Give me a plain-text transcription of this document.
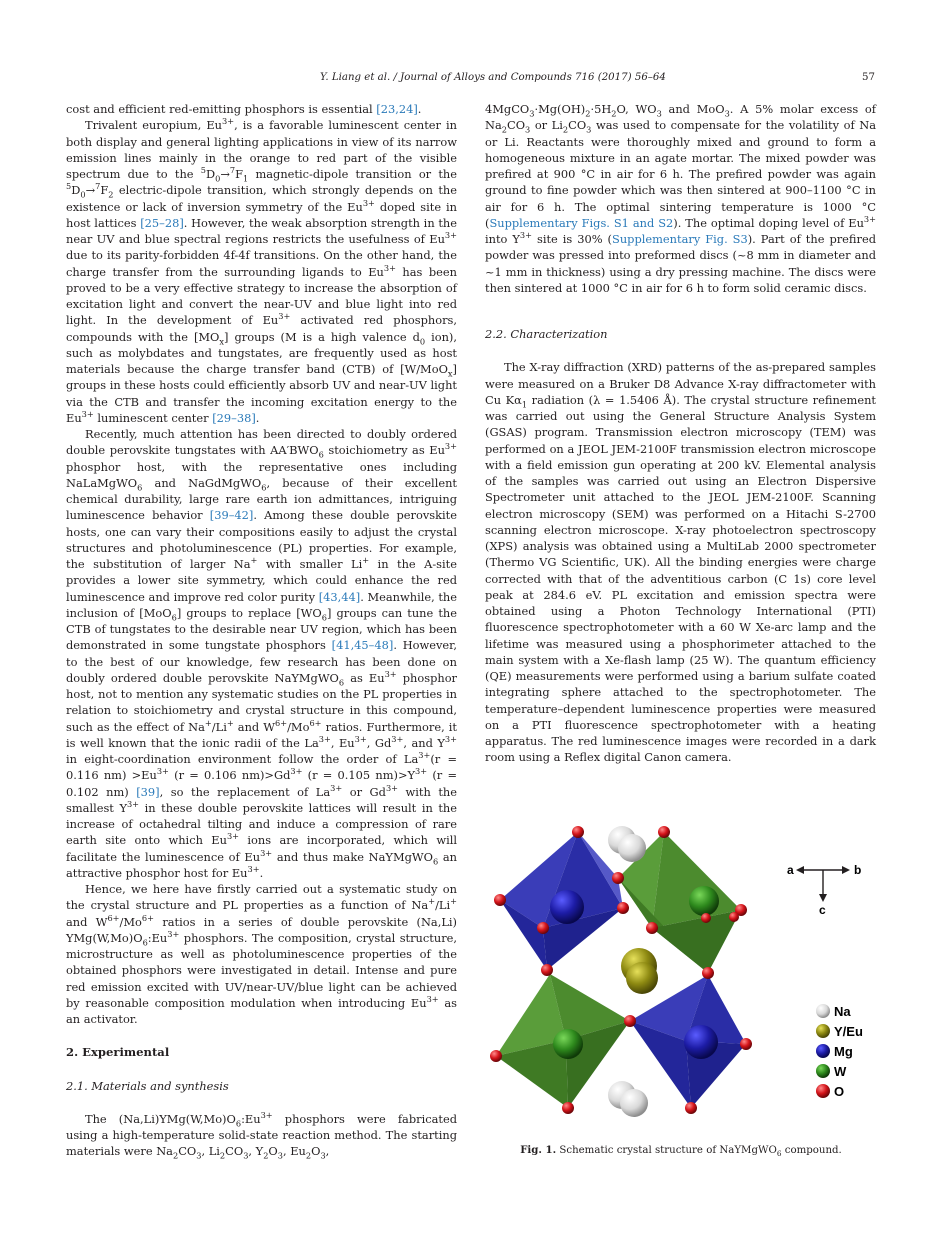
Y. Liang et al. / Journal of Alloys and Compounds 716 (2017) 56–64	57

cost and efficient red-emitting phosphors is essential [23,24].

Trivalent europium, $Eu^{3+}$, is a favorable luminescent center in both display and general lighting applications in view of its narrow emission lines mainly in the orange to red part of the visible spectrum due to the $^5D_0\to^7F_1$ magnetic-dipole transition or the $^5D_0\to^7F_2$ electric-dipole transition, which strongly depends on the existence or lack of inversion symmetry of the $Eu^{3+}$ doped site in host lattices [25–28]. However, the weak absorption strength in the near UV and blue spectral regions restricts the usefulness of $Eu^{3+}$ due to its parity-forbidden 4f-4f transitions. On the other hand, the charge transfer from the surrounding ligands to $Eu^{3+}$ has been proved to be a very effective strategy to increase the absorption of excitation light and convert the near-UV and blue light into red light. In the development of $Eu^{3+}$ activated red phosphors, compounds with the $[MO_x]$ groups (M is a high valence $d_0$ ion), such as molybdates and tungstates, are frequently used as host materials because the charge transfer band (CTB) of [W/MoO$_x$] groups in these hosts could efficiently absorb UV and near-UV light via the CTB and transfer the incoming excitation energy to the $Eu^{3+}$ luminescent center [29–38].

Recently, much attention has been directed to doubly ordered double perovskite tungstates with $AA'BWO_6$ stoichiometry as $Eu^{3+}$ phosphor host, with the representative ones including NaLaMgWO$_6$ and NaGdMgWO$_6$, because of their excellent chemical durability, large rare earth ion admittances, intriguing luminescence behavior [39–42]. Among these double perovskite hosts, one can vary their compositions easily to adjust the crystal structures and photoluminescence (PL) properties. For example, the substitution of larger Na+ with smaller Li+ in the A-site provides a lower site symmetry, which could enhance the red luminescence and improve red color purity [43,44]. Meanwhile, the inclusion of [MoO$_6$] groups to replace $[WO_6]$ groups can tune the CTB of tungstates to the desirable near UV region, which has been demonstrated in some tungstate phosphors [41,45–48]. However, to the best of our knowledge, few research has been done on doubly ordered double perovskite NaYMgWO$_6$ as $Eu^{3+}$ phosphor host, not to mention any systematic studies on the PL properties in relation to stoichiometry and crystal structure in this compound, such as the effect of Na+/Li+ and $W^{6+}/Mo^{6+}$ ratios. Furthermore, it is well known that the ionic radii of the $La^{3+}$, $Eu^{3+}$, $Gd^{3+}$, and $Y^{3+}$ in eight-coordination environment follow the order of $La^{3+}(r = 0.116$ $nm) >Eu^{3+}$ (r = 0.106 $nm)>Gd^{3+}$ (r = 0.105 $nm)>Y^{3+}$ (r = 0.102 nm) [39], so the replacement of $La^{3+}$ or $Gd^{3+}$ with the smallest $Y^{3+}$ in these double perovskite lattices will result in the increase of octahedral tilting and induce a compression of rare earth site onto which $Eu^{3+}$ ions are incorporated, which will facilitate the luminescence of $Eu^{3+}$ and thus make NaYMgWO$_6$ an attractive phosphor host for $Eu^{3+}$.

Hence, we here have firstly carried out a systematic study on the crystal structure and PL properties as a function of Na+/Li+ and $W^{6+}/Mo^{6+}$ ratios in a series of double perovskite (Na,Li) $YMg(W,Mo)O_6:Eu^{3+}$ phosphors. The composition, crystal structure, microstructure as well as photoluminescence properties of the obtained phosphors were investigated in detail. Intense and pure red emission excited with UV/near-UV/blue light can be achieved by reasonable composition modulation when introducing $Eu^{3+}$ as an activator.

2. Experimental
2.1. Materials and synthesis

The $(Na,Li)YMg(W,Mo)O_6:Eu^{3+}$ phosphors were fabricated using a high-temperature solid-state reaction method. The starting materials were $Na_2CO_3$, $Li_2CO_3$, $Y_2O_3$, $Eu_2O_3$,

$4MgCO_3\cdot Mg(OH)_2\cdot 5H_2O$, $WO_3$ and MoO$_3$. A 5% molar excess of $Na_2CO_3$ or $Li_2CO_3$ was used to compensate for the volatility of Na or Li. Reactants were thoroughly mixed and ground to form a homogeneous mixture in an agate mortar. The mixed powder was prefired at 900 °C in air for 6 h. The prefired powder was again ground to fine powder which was then sintered at 900–1100 °C in air for 6 h. The optimal sintering temperature is 1000 °C (Supplementary Figs. S1 and S2). The optimal doping level of $Eu^{3+}$ into $Y^{3+}$ site is 30% (Supplementary Fig. S3). Part of the prefired powder was pressed into preformed discs (~8 mm in diameter and ~1 mm in thickness) using a dry pressing machine. The discs were then sintered at 1000 °C in air for 6 h to form solid ceramic discs.

2.2. Characterization

The X-ray diffraction (XRD) patterns of the as-prepared samples were measured on a Bruker D8 Advance X-ray diffractometer with Cu $K\alpha_1$ radiation (λ = 1.5406 Å). The crystal structure refinement was carried out using the General Structure Analysis System (GSAS) program. Transmission electron microscopy (TEM) was performed on a JEOL JEM-2100F transmission electron microscope with a field emission gun operating at 200 kV. Elemental analysis of the samples was carried out using an Electron Dispersive Spectrometer unit attached to the JEOL JEM-2100F. Scanning electron microscopy (SEM) was performed on a Hitachi S-2700 scanning electron microscope. X-ray photoelectron spectroscopy (XPS) analysis was obtained using a MultiLab 2000 spectrometer (Thermo VG Scientific, UK). All the binding energies were charge corrected with that of the adventitious carbon (C 1s) core level peak at 284.6 eV. PL excitation and emission spectra were obtained using a Photon Technology International (PTI) fluorescence spectrophotometer with a 60 W Xe-arc lamp and the lifetime was measured using a phosphorimeter attached to the main system with a Xe-flash lamp (25 W). The quantum efficiency (QE) measurements were performed using a barium sulfate coated integrating sphere attached to the spectrophotometer. The temperature–dependent luminescence properties were measured on a PTI fluorescence spectrophotometer with a heating apparatus. The red luminescence images were recorded in a dark room using a Reflex digital Canon camera.

a	b
c
Na
Y/Eu
Mg
W
O
Fig. 1. Schematic crystal structure of NaYMgWO$_6$ compound.
